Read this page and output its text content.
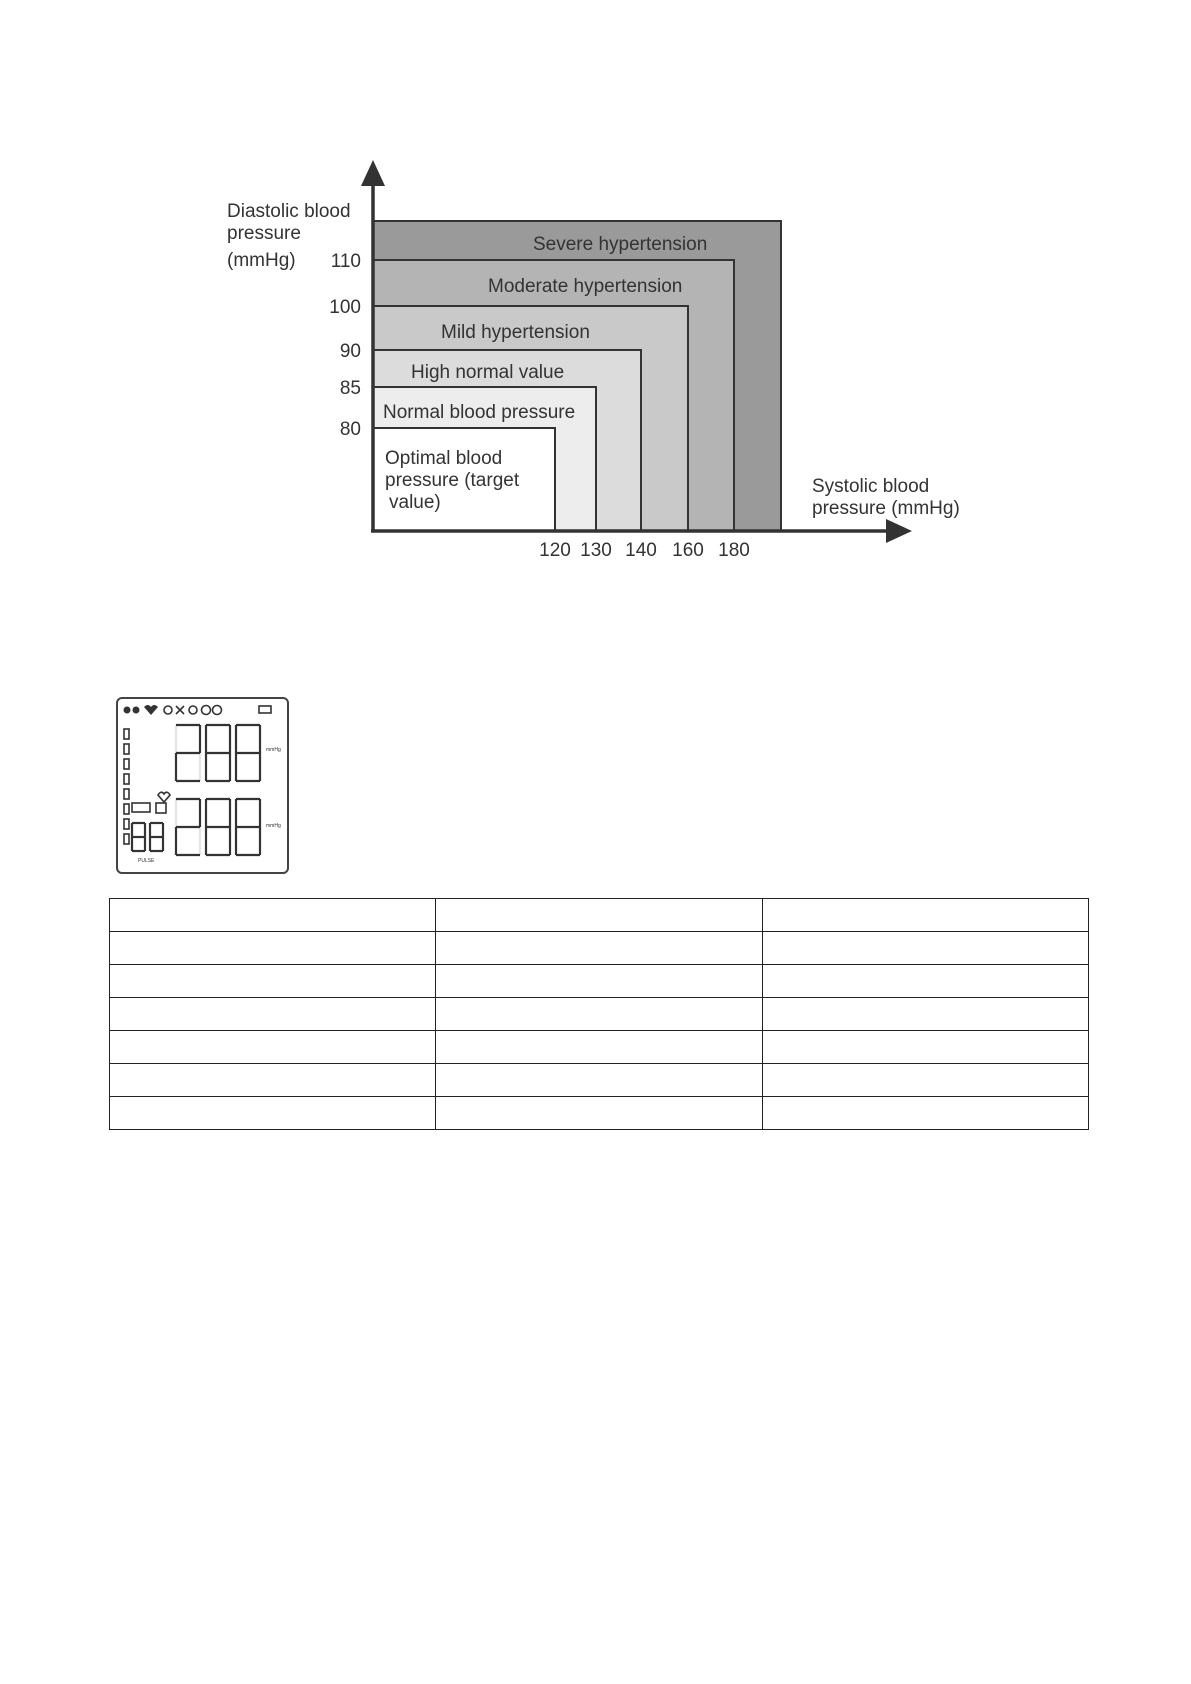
Optimal blood pressure (target value)
Normal blood pressure
High normal value
Mild hypertension
Moderate hypertension
Severe hypertension
120 130 140 160 180
80
85
90
100
110
Diastolic blood pressure (mmHg)
Systolic blood pressure (mmHg)
PULSE
mmHg
mmHg
